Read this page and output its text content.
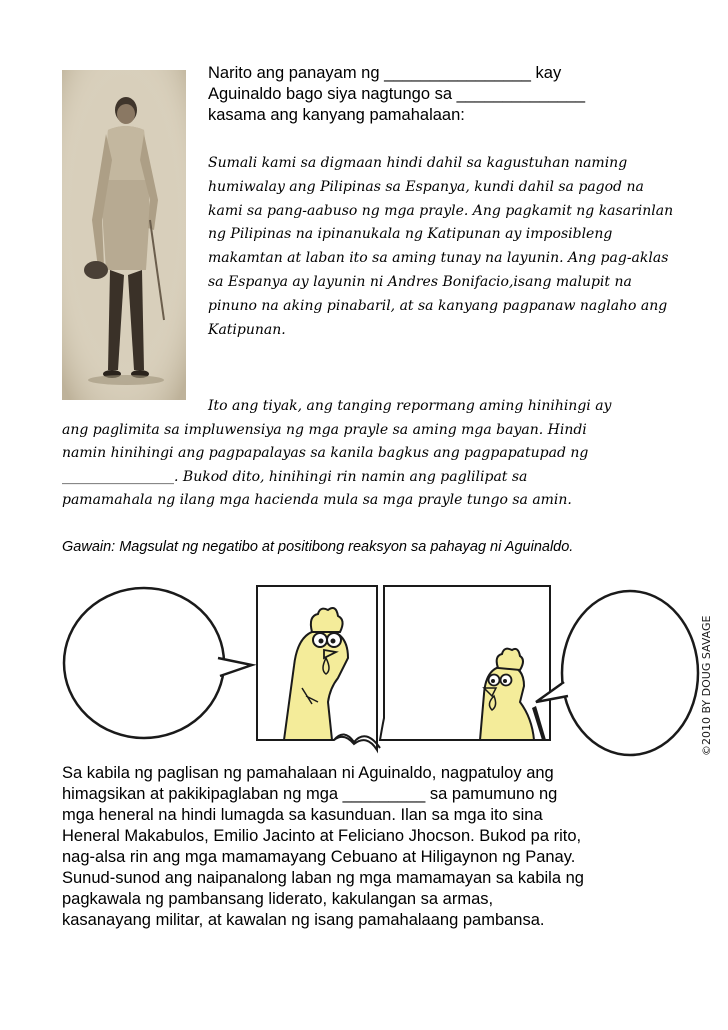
Narito ang panayam ng ________________ kay

Aguinaldo bago siya nagtungo sa ______________

kasama ang kanyang pamahalaan:

Sumali kami sa digmaan hindi dahil sa kagustuhan naming humiwalay ang Pilipinas sa Espanya, kundi dahil sa pagod na kami sa pang-aabuso ng mga prayle. Ang pagkamit ng kasarinlan ng Pilipinas na ipinanukala ng Katipunan ay imposibleng makamtan at laban ito sa aming tunay na layunin. Ang pag-aklas sa Espanya ay layunin ni Andres Bonifacio,isang malupit na pinuno na aking pinabaril, at sa kanyang pagpanaw naglaho ang Katipunan.

Ito ang tiyak, ang tanging repormang aming hinihingi ay
ang paglimita sa impluwensiya ng mga prayle sa aming mga bayan. Hindi
namin hinihingi ang pagpapalayas sa kanila bagkus ang pagpapatupad ng
________________. Bukod dito, hinihingi rin namin ang paglilipat sa
pamamahala ng ilang mga hacienda mula sa mga prayle tungo sa amin.
Gawain: Magsulat ng negatibo at positibong reaksyon sa pahayag ni Aguinaldo.
©2010 BY DOUG SAVAGE
Sa kabila ng paglisan ng pamahalaan ni Aguinaldo, nagpatuloy ang
himagsikan at pakikipaglaban ng mga _________ sa pamumuno ng
mga heneral na hindi lumagda sa kasunduan. Ilan sa mga ito sina
Heneral Makabulos, Emilio Jacinto at Feliciano Jhocson. Bukod pa rito,
nag-alsa rin ang mga mamamayang Cebuano at Hiligaynon ng Panay.
Sunud-sunod ang naipanalong laban ng mga mamamayan sa kabila ng
pagkawala ng pambansang liderato, kakulangan sa armas,
kasanayang militar, at kawalan ng isang pamahalaang pambansa.
